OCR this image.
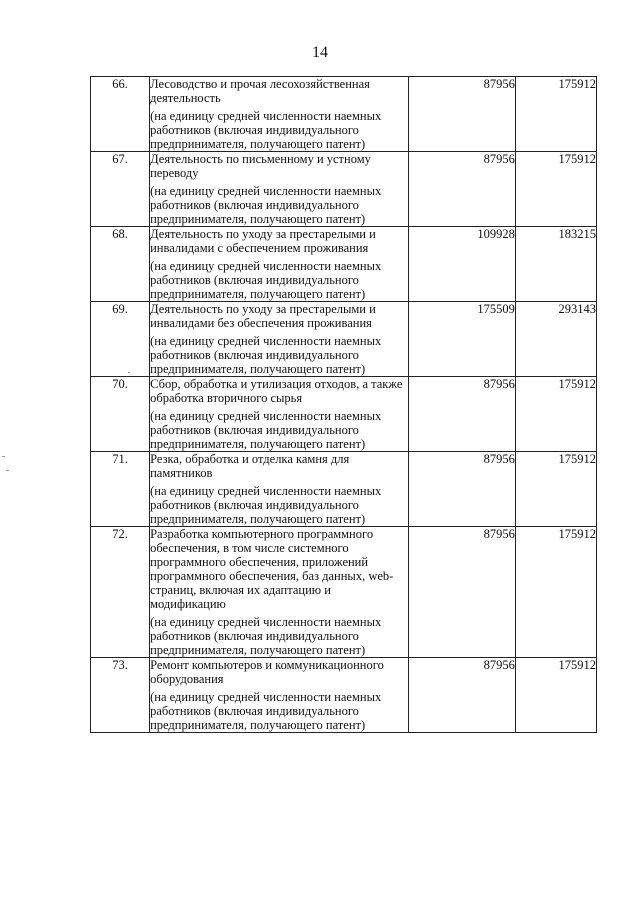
14
66.	Лесоводство и прочая лесохозяйственная деятельность
(на единицу средней численности наемных работников (включая индивидуального предпринимателя, получающего патент)	87956	175912
67.	Деятельность по письменному и устному переводу
(на единицу средней численности наемных работников (включая индивидуального предпринимателя, получающего патент)	87956	175912
68.	Деятельность по уходу за престарелыми и инвалидами с обеспечением проживания
(на единицу средней численности наемных работников (включая индивидуального предпринимателя, получающего патент)	109928	183215
69.	Деятельность по уходу за престарелыми и инвалидами без обеспечения проживания
(на единицу средней численности наемных работников (включая индивидуального предпринимателя, получающего патент)	175509	293143
70.	Сбор, обработка и утилизация отходов, а также обработка вторичного сырья
(на единицу средней численности наемных работников (включая индивидуального предпринимателя, получающего патент)	87956	175912
71.	Резка, обработка и отделка камня для памятников
(на единицу средней численности наемных работников (включая индивидуального предпринимателя, получающего патент)	87956	175912
72.	Разработка компьютерного программного обеспечения, в том числе системного программного обеспечения, приложений программного обеспечения, баз данных, web-страниц, включая их адаптацию и модификацию
(на единицу средней численности наемных работников (включая индивидуального предпринимателя, получающего патент)	87956	175912
73.	Ремонт компьютеров и коммуникационного оборудования
(на единицу средней численности наемных работников (включая индивидуального предпринимателя, получающего патент)	87956	175912
